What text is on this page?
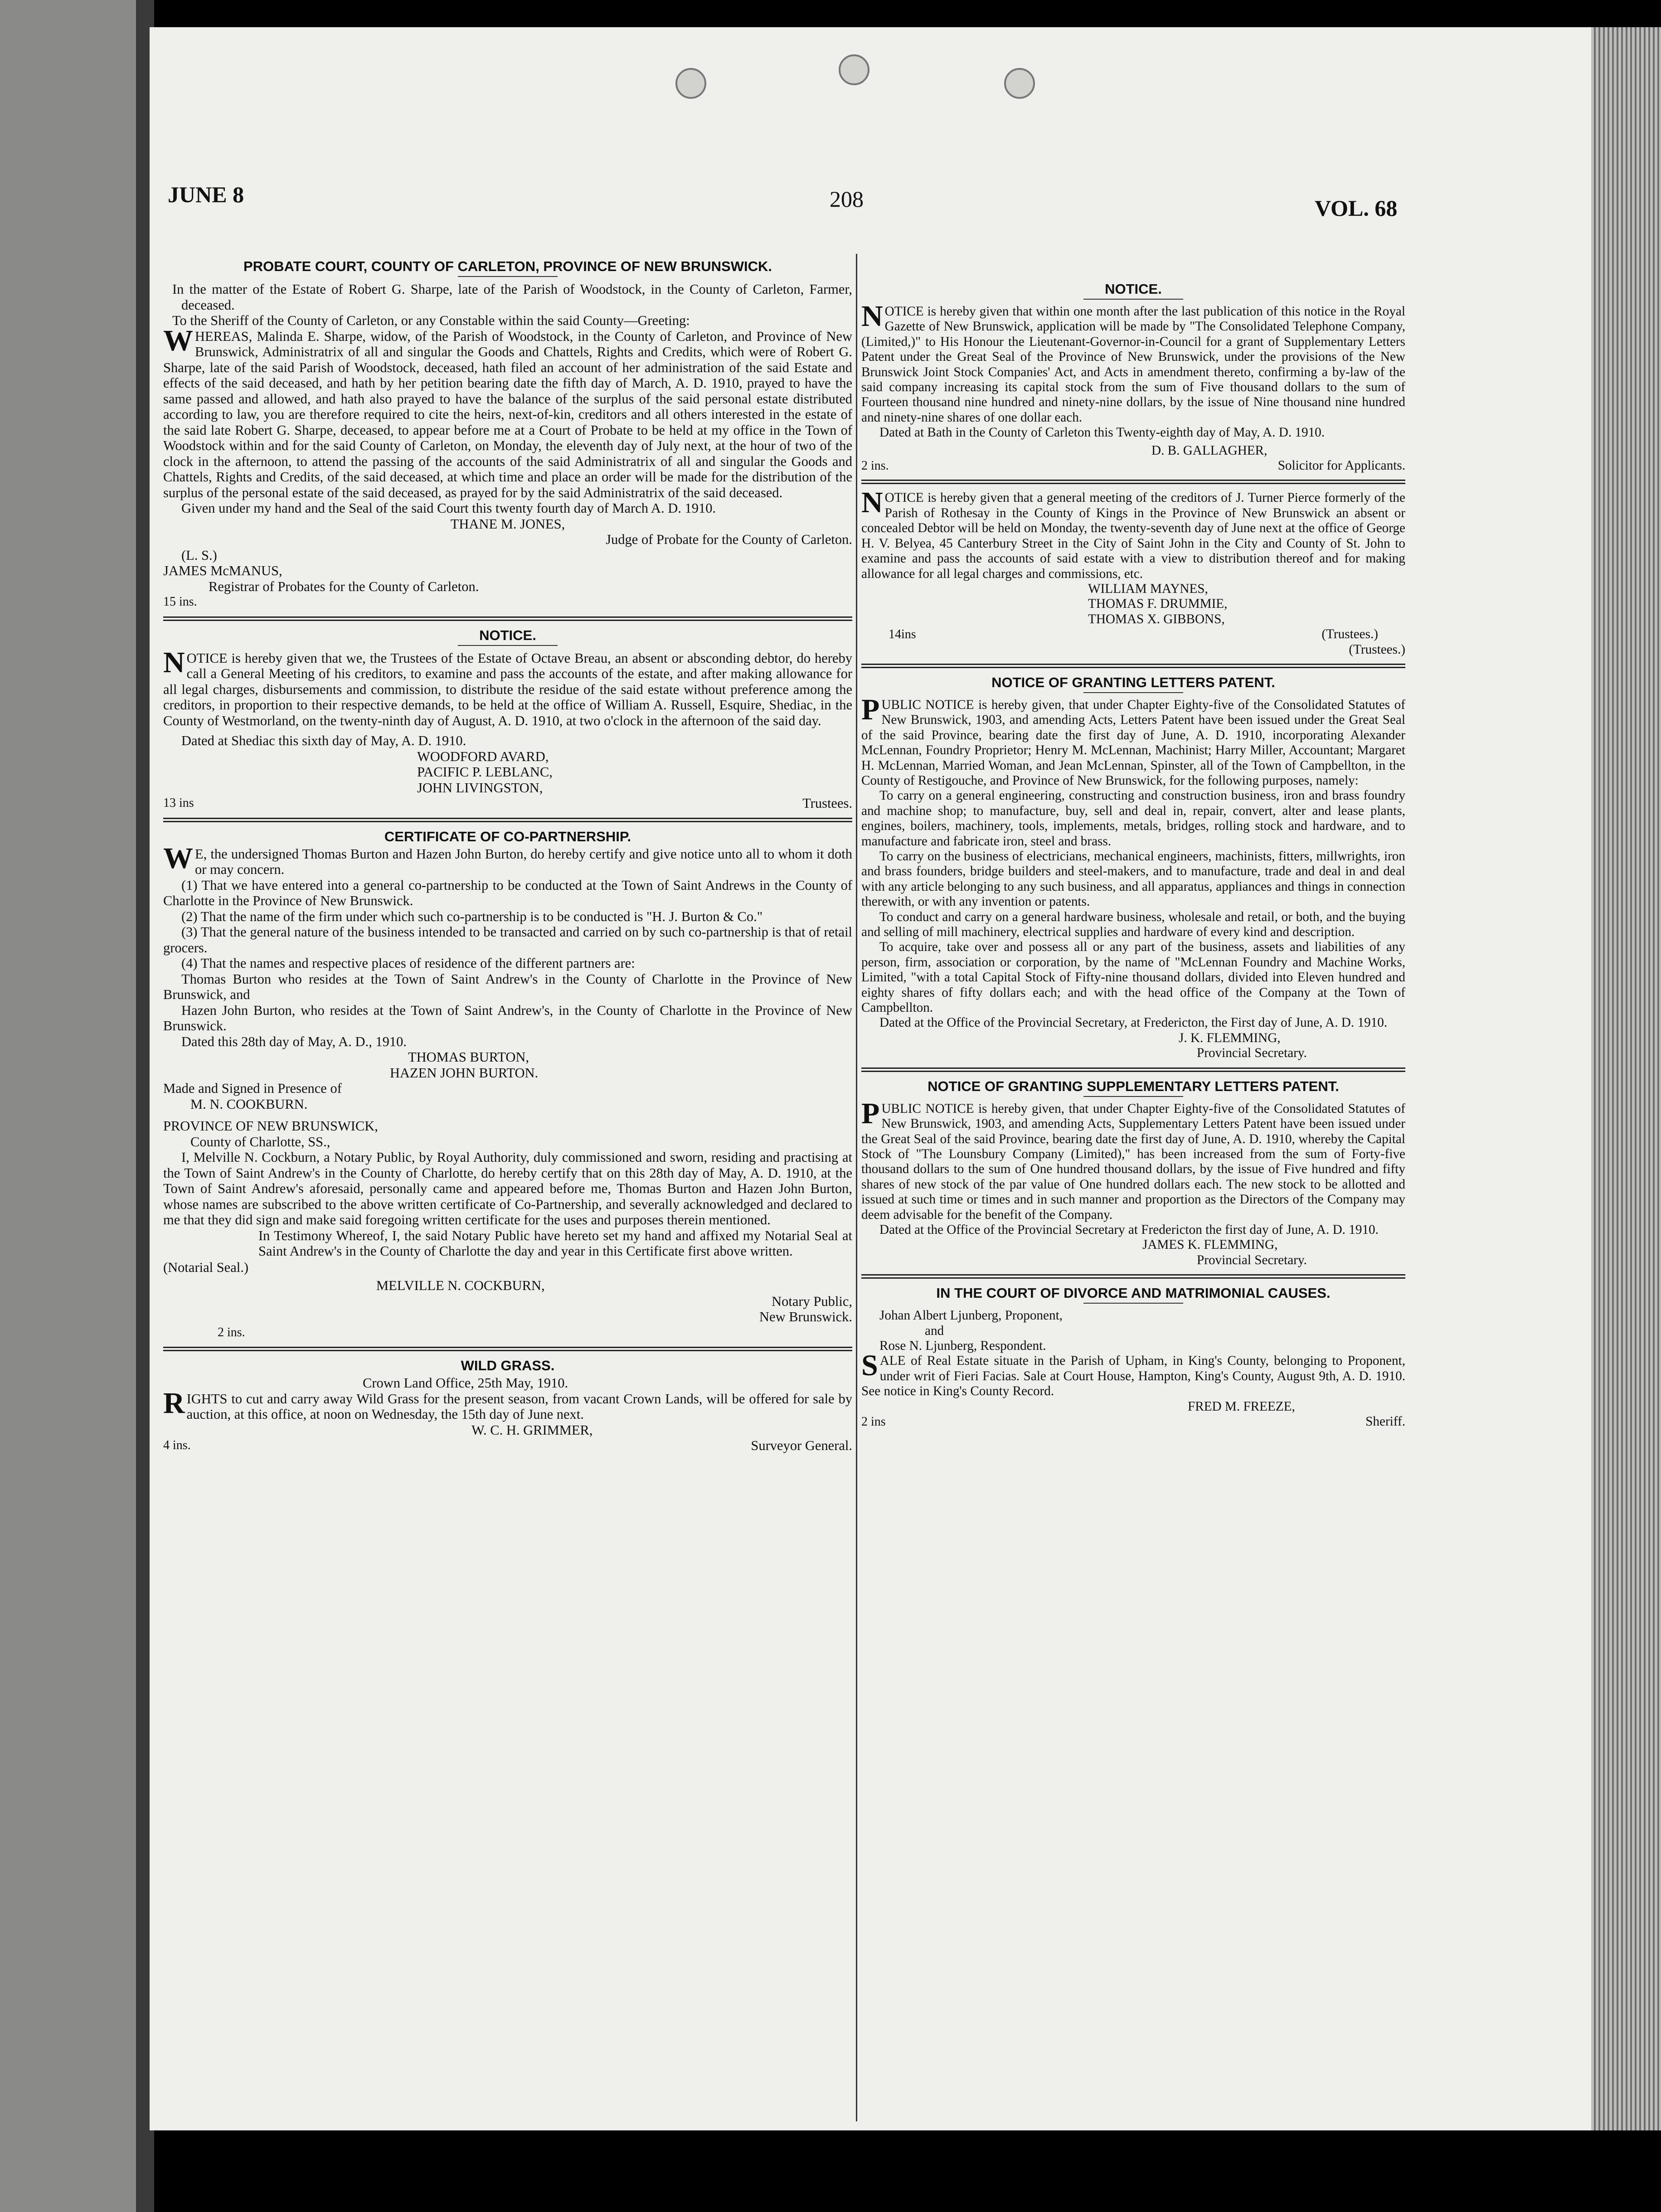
JUNE 8	208	VOL. 68
PROBATE COURT, COUNTY OF CARLETON, PROVINCE OF NEW BRUNSWICK.

In the matter of the Estate of Robert G. Sharpe, late of the Parish of Woodstock, in the County of Carleton, Farmer, deceased.

To the Sheriff of the County of Carleton, or any Constable within the said County—Greeting:

WHEREAS, Malinda E. Sharpe, widow, of the Parish of Woodstock, in the County of Carleton, and Province of New Brunswick, Administratrix of all and singular the Goods and Chattels, Rights and Credits, which were of Robert G. Sharpe, late of the said Parish of Woodstock, deceased, hath filed an account of her administration of the said Estate and effects of the said deceased, and hath by her petition bearing date the fifth day of March, A. D. 1910, prayed to have the same passed and allowed, and hath also prayed to have the balance of the surplus of the said personal estate distributed according to law, you are therefore required to cite the heirs, next-of-kin, creditors and all others interested in the estate of the said late Robert G. Sharpe, deceased, to appear before me at a Court of Probate to be held at my office in the Town of Woodstock within and for the said County of Carleton, on Monday, the eleventh day of July next, at the hour of two of the clock in the afternoon, to attend the passing of the accounts of the said Administratrix of all and singular the Goods and Chattels, Rights and Credits, of the said deceased, at which time and place an order will be made for the distribution of the surplus of the personal estate of the said deceased, as prayed for by the said Administratrix of the said deceased.

Given under my hand and the Seal of the said Court this twenty fourth day of March A. D. 1910.

THANE M. JONES,

Judge of Probate for the County of Carleton.

(L. S.)

JAMES McMANUS,

Registrar of Probates for the County of Carleton.

15 ins.

NOTICE.

NOTICE is hereby given that we, the Trustees of the Estate of Octave Breau, an absent or absconding debtor, do hereby call a General Meeting of his creditors, to examine and pass the accounts of the estate, and after making allowance for all legal charges, disbursements and commission, to distribute the residue of the said estate without preference among the creditors, in proportion to their respective demands, to be held at the office of William A. Russell, Esquire, Shediac, in the County of Westmorland, on the twenty-ninth day of August, A. D. 1910, at two o'clock in the afternoon of the said day.

Dated at Shediac this sixth day of May, A. D. 1910.

WOODFORD AVARD,

PACIFIC P. LEBLANC,

JOHN LIVINGSTON,

13 ins	Trustees.
CERTIFICATE OF CO-PARTNERSHIP.

WE, the undersigned Thomas Burton and Hazen John Burton, do hereby certify and give notice unto all to whom it doth or may concern.

(1) That we have entered into a general co-partnership to be conducted at the Town of Saint Andrews in the County of Charlotte in the Province of New Brunswick.

(2) That the name of the firm under which such co-partnership is to be conducted is "H. J. Burton & Co."

(3) That the general nature of the business intended to be transacted and carried on by such co-partnership is that of retail grocers.

(4) That the names and respective places of residence of the different partners are:

Thomas Burton who resides at the Town of Saint Andrew's in the County of Charlotte in the Province of New Brunswick, and

Hazen John Burton, who resides at the Town of Saint Andrew's, in the County of Charlotte in the Province of New Brunswick.

Dated this 28th day of May, A. D., 1910.

THOMAS BURTON,

HAZEN JOHN BURTON.

Made and Signed in Presence of

M. N. COOKBURN.

PROVINCE OF NEW BRUNSWICK,

County of Charlotte, SS.,

I, Melville N. Cockburn, a Notary Public, by Royal Authority, duly commissioned and sworn, residing and practising at the Town of Saint Andrew's in the County of Charlotte, do hereby certify that on this 28th day of May, A. D. 1910, at the Town of Saint Andrew's aforesaid, personally came and appeared before me, Thomas Burton and Hazen John Burton, whose names are subscribed to the above written certificate of Co-Partnership, and severally acknowledged and declared to me that they did sign and make said foregoing written certificate for the uses and purposes therein mentioned.

(Notarial Seal.)

In Testimony Whereof, I, the said Notary Public have hereto set my hand and affixed my Notarial Seal at Saint Andrew's in the County of Charlotte the day and year in this Certificate first above written.

MELVILLE N. COCKBURN,

Notary Public,

New Brunswick.

2 ins.

WILD GRASS.

Crown Land Office, 25th May, 1910.

RIGHTS to cut and carry away Wild Grass for the present season, from vacant Crown Lands, will be offered for sale by auction, at this office, at noon on Wednesday, the 15th day of June next.

W. C. H. GRIMMER,

4 ins.	Surveyor General.
NOTICE.

NOTICE is hereby given that within one month after the last publication of this notice in the Royal Gazette of New Brunswick, application will be made by "The Consolidated Telephone Company, (Limited,)" to His Honour the Lieutenant-Governor-in-Council for a grant of Supplementary Letters Patent under the Great Seal of the Province of New Brunswick, under the provisions of the New Brunswick Joint Stock Companies' Act, and Acts in amendment thereto, confirming a by-law of the said company increasing its capital stock from the sum of Five thousand dollars to the sum of Fourteen thousand nine hundred and ninety-nine dollars, by the issue of Nine thousand nine hundred and ninety-nine shares of one dollar each.

Dated at Bath in the County of Carleton this Twenty-eighth day of May, A. D. 1910.

D. B. GALLAGHER,

2 ins.	Solicitor for Applicants.

NOTICE is hereby given that a general meeting of the creditors of J. Turner Pierce formerly of the Parish of Rothesay in the County of Kings in the Province of New Brunswick an absent or concealed Debtor will be held on Monday, the twenty-seventh day of June next at the office of George H. V. Belyea, 45 Canterbury Street in the City of Saint John in the City and County of St. John to examine and pass the accounts of said estate with a view to distribution thereof and for making allowance for all legal charges and commissions, etc.

WILLIAM MAYNES,

THOMAS F. DRUMMIE,

THOMAS X. GIBBONS,

14ins	(Trustees.)

(Trustees.)

NOTICE OF GRANTING LETTERS PATENT.

PUBLIC NOTICE is hereby given, that under Chapter Eighty-five of the Consolidated Statutes of New Brunswick, 1903, and amending Acts, Letters Patent have been issued under the Great Seal of the said Province, bearing date the first day of June, A. D. 1910, incorporating Alexander McLennan, Foundry Proprietor; Henry M. McLennan, Machinist; Harry Miller, Accountant; Margaret H. McLennan, Married Woman, and Jean McLennan, Spinster, all of the Town of Campbellton, in the County of Restigouche, and Province of New Brunswick, for the following purposes, namely:

To carry on a general engineering, constructing and construction business, iron and brass foundry and machine shop; to manufacture, buy, sell and deal in, repair, convert, alter and lease plants, engines, boilers, machinery, tools, implements, metals, bridges, rolling stock and hardware, and to manufacture and fabricate iron, steel and brass.

To carry on the business of electricians, mechanical engineers, machinists, fitters, millwrights, iron and brass founders, bridge builders and steel-makers, and to manufacture, trade and deal in and deal with any article belonging to any such business, and all apparatus, appliances and things in connection therewith, or with any invention or patents.

To conduct and carry on a general hardware business, wholesale and retail, or both, and the buying and selling of mill machinery, electrical supplies and hardware of every kind and description.

To acquire, take over and possess all or any part of the business, assets and liabilities of any person, firm, association or corporation, by the name of "McLennan Foundry and Machine Works, Limited, "with a total Capital Stock of Fifty-nine thousand dollars, divided into Eleven hundred and eighty shares of fifty dollars each; and with the head office of the Company at the Town of Campbellton.

Dated at the Office of the Provincial Secretary, at Fredericton, the First day of June, A. D. 1910.

J. K. FLEMMING,

Provincial Secretary.

NOTICE OF GRANTING SUPPLEMENTARY LETTERS PATENT.

PUBLIC NOTICE is hereby given, that under Chapter Eighty-five of the Consolidated Statutes of New Brunswick, 1903, and amending Acts, Supplementary Letters Patent have been issued under the Great Seal of the said Province, bearing date the first day of June, A. D. 1910, whereby the Capital Stock of "The Lounsbury Company (Limited)," has been increased from the sum of Forty-five thousand dollars to the sum of One hundred thousand dollars, by the issue of Five hundred and fifty shares of new stock of the par value of One hundred dollars each. The new stock to be allotted and issued at such time or times and in such manner and proportion as the Directors of the Company may deem advisable for the benefit of the Company.

Dated at the Office of the Provincial Secretary at Fredericton the first day of June, A. D. 1910.

JAMES K. FLEMMING,

Provincial Secretary.

IN THE COURT OF DIVORCE AND MATRIMONIAL CAUSES.

Johan Albert Ljunberg, Proponent,

and

Rose N. Ljunberg, Respondent.

SALE of Real Estate situate in the Parish of Upham, in King's County, belonging to Proponent, under writ of Fieri Facias. Sale at Court House, Hampton, King's County, August 9th, A. D. 1910. See notice in King's County Record.

FRED M. FREEZE,

2 ins	Sheriff.
